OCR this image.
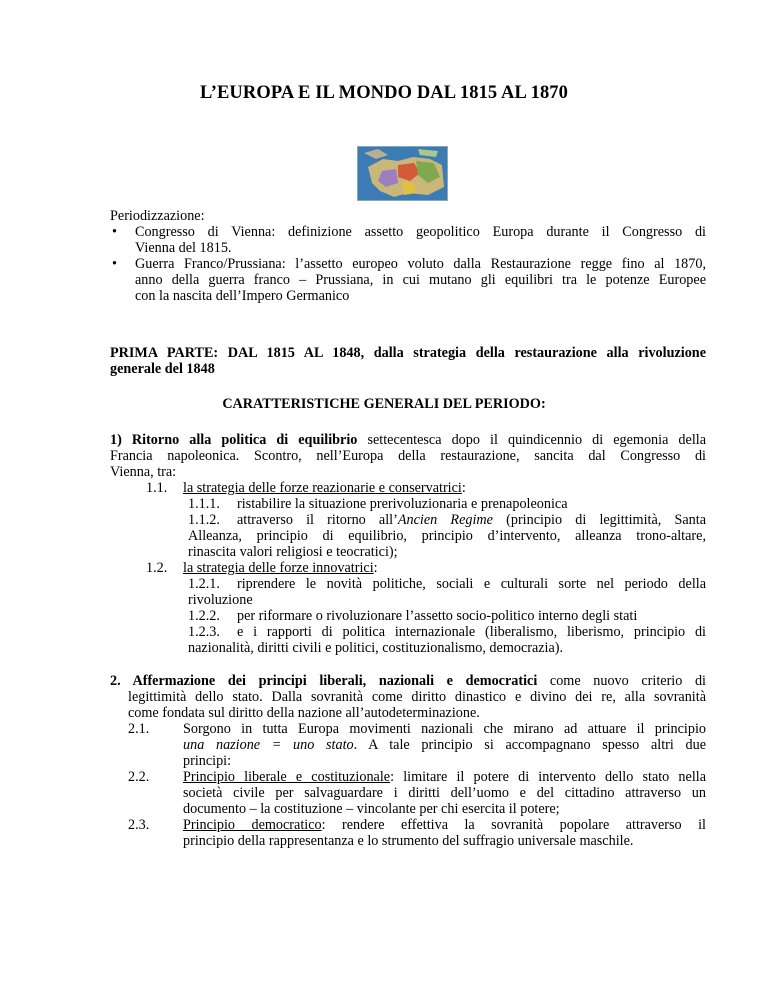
L’EUROPA E IL MONDO DAL 1815 AL 1870
Periodizzazione:
• Congresso di Vienna: definizione assetto geopolitico Europa durante il Congresso di
Vienna del 1815.
• Guerra Franco/Prussiana: l’assetto europeo voluto dalla Restaurazione regge fino al 1870,
anno della guerra franco – Prussiana, in cui mutano gli equilibri tra le potenze Europee
con la nascita dell’Impero Germanico
PRIMA PARTE: DAL 1815 AL 1848, dalla strategia della restaurazione alla rivoluzione
generale del 1848
CARATTERISTICHE GENERALI DEL PERIODO:
1) Ritorno alla politica di equilibrio settecentesca dopo il quindicennio di egemonia della
Francia napoleonica. Scontro, nell’Europa della restaurazione, sancita dal Congresso di
Vienna, tra:
1.1. la strategia delle forze reazionarie e conservatrici:
1.1.1. ristabilire la situazione prerivoluzionaria e prenapoleonica
1.1.2. attraverso il ritorno all’Ancien Regime (principio di legittimità, Santa
Alleanza, principio di equilibrio, principio d’intervento, alleanza trono-altare,
rinascita valori religiosi e teocratici);
1.2. la strategia delle forze innovatrici:
1.2.1. riprendere le novità politiche, sociali e culturali sorte nel periodo della
rivoluzione
1.2.2. per riformare o rivoluzionare l’assetto socio-politico interno degli stati
1.2.3. e i rapporti di politica internazionale (liberalismo, liberismo, principio di
nazionalità, diritti civili e politici, costituzionalismo, democrazia).
2. Affermazione dei principi liberali, nazionali e democratici come nuovo criterio di
legittimità dello stato. Dalla sovranità come diritto dinastico e divino dei re, alla sovranità
come fondata sul diritto della nazione all’autodeterminazione.
2.1. Sorgono in tutta Europa movimenti nazionali che mirano ad attuare il principio
una nazione = uno stato. A tale principio si accompagnano spesso altri due
principi:
2.2. Principio liberale e costituzionale: limitare il potere di intervento dello stato nella
società civile per salvaguardare i diritti dell’uomo e del cittadino attraverso un
documento – la costituzione – vincolante per chi esercita il potere;
2.3. Principio democratico: rendere effettiva la sovranità popolare attraverso il
principio della rappresentanza e lo strumento del suffragio universale maschile.
